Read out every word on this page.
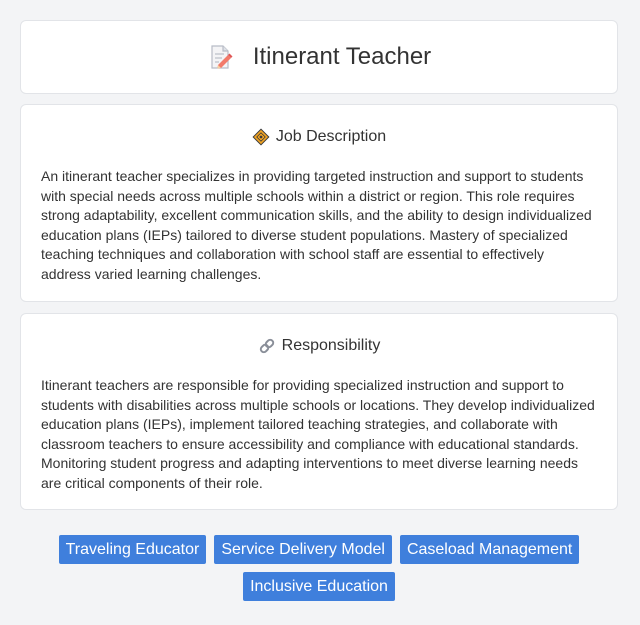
Itinerant Teacher
Job Description
An itinerant teacher specializes in providing targeted instruction and support to students with special needs across multiple schools within a district or region. This role requires strong adaptability, excellent communication skills, and the ability to design individualized education plans (IEPs) tailored to diverse student populations. Mastery of specialized teaching techniques and collaboration with school staff are essential to effectively address varied learning challenges.
Responsibility
Itinerant teachers are responsible for providing specialized instruction and support to students with disabilities across multiple schools or locations. They develop individualized education plans (IEPs), implement tailored teaching strategies, and collaborate with classroom teachers to ensure accessibility and compliance with educational standards. Monitoring student progress and adapting interventions to meet diverse learning needs are critical components of their role.
Traveling Educator	Service Delivery Model	Caseload Management
Inclusive Education
